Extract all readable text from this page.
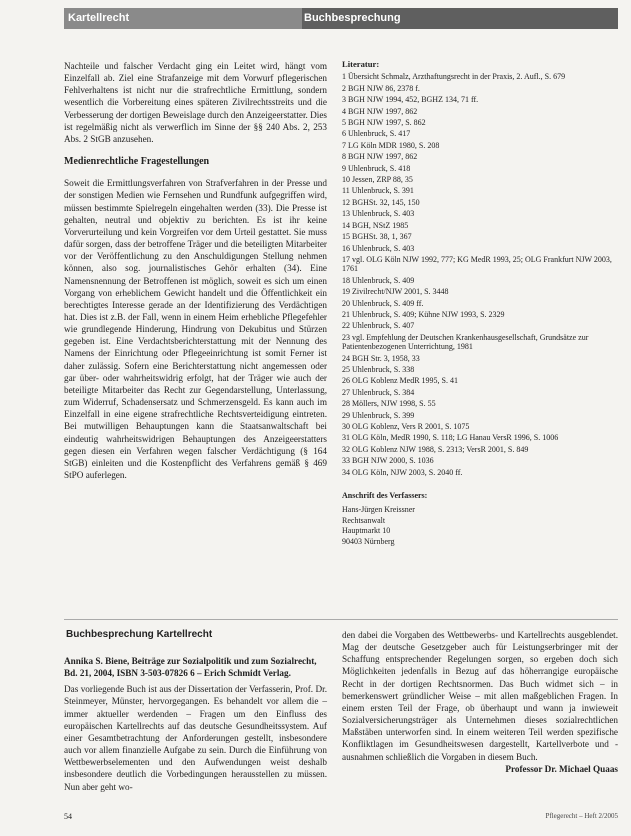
Kartellrecht	Buchbesprechung

Nachteile und falscher Verdacht ging ein Leitet wird, hängt vom Einzelfall ab. Ziel eine Strafanzeige mit dem Vorwurf pflegerischen Fehlverhaltens ist nicht nur die strafrechtliche Ermittlung, sondern wesentlich die Vorbereitung eines späteren Zivilrechtsstreits und die Verbesserung der dortigen Beweislage durch den Anzeigeerstatter. Dies ist regelmäßig nicht als verwerflich im Sinne der §§ 240 Abs. 2, 253 Abs. 2 StGB anzusehen.

Medienrechtliche Fragestellungen

Soweit die Ermittlungsverfahren von Strafverfahren in der Presse und der sonstigen Medien wie Fernsehen und Rundfunk aufgegriffen wird, müssen bestimmte Spielregeln eingehalten werden (33). Die Presse ist gehalten, neutral und objektiv zu berichten. Es ist ihr keine Vorverurteilung und kein Vorgreifen vor dem Urteil gestattet. Sie muss dafür sorgen, dass der betroffene Träger und die beteiligten Mitarbeiter vor der Veröffentlichung zu den Anschuldigungen Stellung nehmen können, also sog. journalistisches Gehör erhalten (34). Eine Namensnennung der Betroffenen ist möglich, soweit es sich um einen Vorgang von erheblichem Gewicht handelt und die Öffentlichkeit ein berechtigtes Interesse gerade an der Identifizierung des Verdächtigen hat. Dies ist z.B. der Fall, wenn in einem Heim erhebliche Pflegefehler wie grundlegende Hinderung, Hindrung von Dekubitus und Stürzen gegeben ist. Eine Verdachtsberichterstattung mit der Nennung des Namens der Einrichtung oder Pflegeeinrichtung ist somit Ferner ist daher zulässig. Sofern eine Berichterstattung nicht angemessen oder gar über- oder wahrheitswidrig erfolgt, hat der Träger wie auch der beteiligte Mitarbeiter das Recht zur Gegendarstellung, Unterlassung, zum Widerruf, Schadensersatz und Schmerzensgeld. Es kann auch im Einzelfall in eine eigene strafrechtliche Rechtsverteidigung eintreten. Bei mutwilligen Behauptungen kann die Staatsanwaltschaft bei eindeutig wahrheitswidrigen Behauptungen des Anzeigeerstatters gegen diesen ein Verfahren wegen falscher Verdächtigung (§ 164 StGB) einleiten und die Kostenpflicht des Verfahrens gemäß § 469 StPO auferlegen.

Literatur:
1 Übersicht Schmalz, Arzthaftungsrecht in der Praxis, 2. Aufl., S. 679
2 BGH NJW 86, 2378 f.
3 BGH NJW 1994, 452, BGHZ 134, 71 ff.
4 BGH NJW 1997, 862
5 BGH NJW 1997, S. 862
6 Uhlenbruck, S. 417
7 LG Köln MDR 1980, S. 208
8 BGH NJW 1997, 862
9 Uhlenbruck, S. 418
10 Jessen, ZRP 88, 35
11 Uhlenbruck, S. 391
12 BGHSt. 32, 145, 150
13 Uhlenbruck, S. 403
14 BGH, NStZ 1985
15 BGHSt. 38, 1, 367
16 Uhlenbruck, S. 403
17 vgl. OLG Köln NJW 1992, 777; KG MedR 1993, 25; OLG Frankfurt NJW 2003, 1761
18 Uhlenbruck, S. 409
19 Zivilrecht/NJW 2001, S. 3448
20 Uhlenbruck, S. 409 ff.
21 Uhlenbruck, S. 409; Kühne NJW 1993, S. 2329
22 Uhlenbruck, S. 407
23 vgl. Empfehlung der Deutschen Krankenhausgesellschaft, Grundsätze zur Patientenbezogenen Unterrichtung, 1981
24 BGH Str. 3, 1958, 33
25 Uhlenbruck, S. 338
26 OLG Koblenz MedR 1995, S. 41
27 Uhlenbruck, S. 384
28 Möllers, NJW 1998, S. 55
29 Uhlenbruck, S. 399
30 OLG Koblenz, Vers R 2001, S. 1075
31 OLG Köln, MedR 1990, S. 118; LG Hanau VersR 1996, S. 1006
32 OLG Koblenz NJW 1988, S. 2313; VersR 2001, S. 849
33 BGH NJW 2000, S. 1036
34 OLG Köln, NJW 2003, S. 2040 ff.
Anschrift des Verfassers:
Hans-Jürgen Kreissner
Rechtsanwalt
Hauptmarkt 10
90403 Nürnberg
Buchbesprechung Kartellrecht

Annika S. Biene, Beiträge zur Sozialpolitik und zum Sozialrecht, Bd. 21, 2004, ISBN 3-503-07826 6 – Erich Schmidt Verlag.

Das vorliegende Buch ist aus der Dissertation der Verfasserin, Prof. Dr. Steinmeyer, Münster, hervorgegangen. Es behandelt vor allem die – immer aktueller werdenden – Fragen um den Einfluss des europäischen Kartellrechts auf das deutsche Gesundheitssystem. Auf einer Gesamtbetrachtung der Anforderungen gestellt, insbesondere auch vor allem finanzielle Aufgabe zu sein. Durch die Einführung von Wettbewerbselementen und den Aufwendungen weist deshalb insbesondere deutlich die Vorbedingungen herausstellen zu müssen. Nun aber geht wo-

den dabei die Vorgaben des Wettbewerbs- und Kartellrechts ausgeblendet. Mag der deutsche Gesetzgeber auch für Leistungserbringer mit der Schaffung entsprechender Regelungen sorgen, so ergeben doch sich Möglichkeiten jedenfalls in Bezug auf das höherrangige europäische Recht in der dortigen Rechtsnormen. Das Buch widmet sich – in bemerkenswert gründlicher Weise – mit allen maßgeblichen Fragen. In einem ersten Teil der Frage, ob überhaupt und wann ja inwieweit Sozialversicherungsträger als Unternehmen dieses sozialrechtlichen Maßstäben unterworfen sind. In einem weiteren Teil werden spezifische Konfliktlagen im Gesundheitswesen dargestellt, Kartellverbote und -ausnahmen schließlich die Vorgaben in diesem Buch.

Professor Dr. Michael Quaas

54	Pflegerecht – Heft 2/2005
